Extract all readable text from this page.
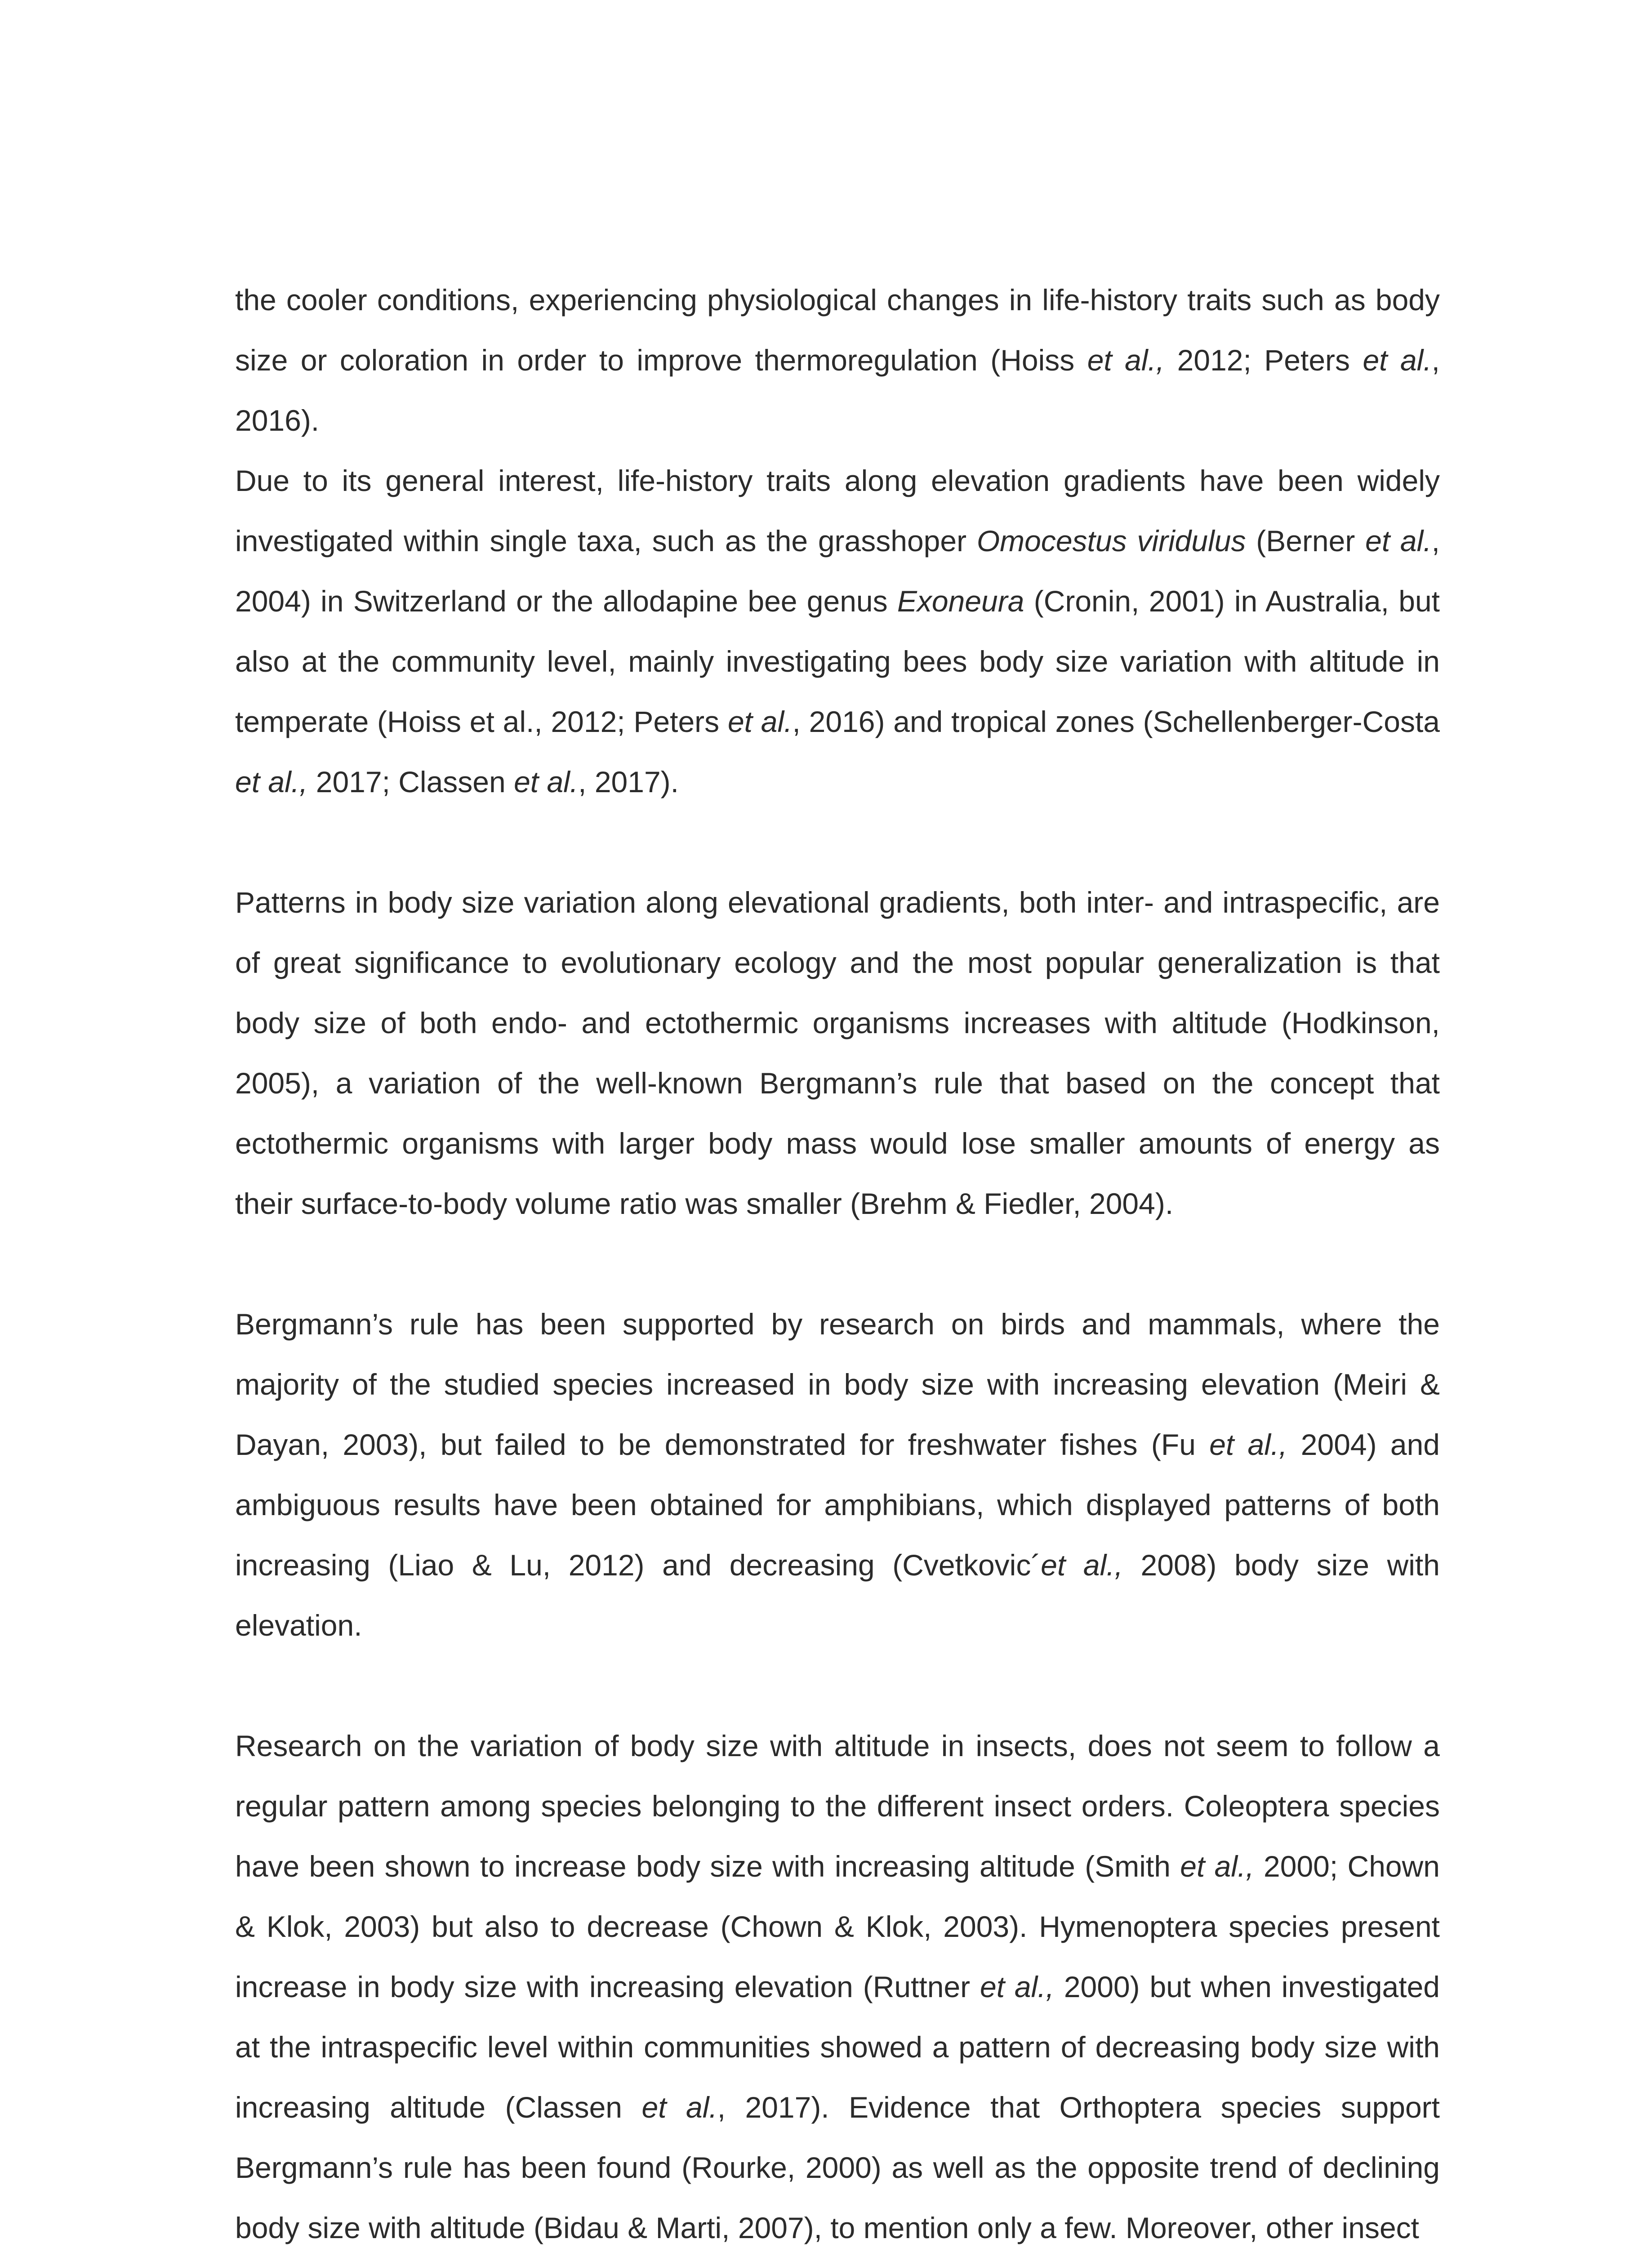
the cooler conditions, experiencing physiological changes in life-history traits such as body size or coloration in order to improve thermoregulation (Hoiss et al., 2012; Peters et al., 2016).

Due to its general interest, life-history traits along elevation gradients have been widely investigated within single taxa, such as the grasshoper Omocestus viridulus (Berner et al., 2004) in Switzerland or the allodapine bee genus Exoneura (Cronin, 2001) in Australia, but also at the community level, mainly investigating bees body size variation with altitude in temperate (Hoiss et al., 2012; Peters et al., 2016) and tropical zones (Schellenberger-Costa et al., 2017; Classen et al., 2017).

Patterns in body size variation along elevational gradients, both inter- and intraspecific, are of great significance to evolutionary ecology and the most popular generalization is that body size of both endo- and ectothermic organisms increases with altitude (Hodkinson, 2005), a variation of the well-known Bergmann’s rule that based on the concept that ectothermic organisms with larger body mass would lose smaller amounts of energy as their surface-to-body volume ratio was smaller (Brehm & Fiedler, 2004).

Bergmann’s rule has been supported by research on birds and mammals, where the majority of the studied species increased in body size with increasing elevation (Meiri & Dayan, 2003), but failed to be demonstrated for freshwater fishes (Fu et al., 2004) and ambiguous results have been obtained for amphibians, which displayed patterns of both increasing (Liao & Lu, 2012) and decreasing (Cvetkovic´et al., 2008) body size with elevation.

Research on the variation of body size with altitude in insects, does not seem to follow a regular pattern among species belonging to the different insect orders. Coleoptera species have been shown to increase body size with increasing altitude (Smith et al., 2000; Chown & Klok, 2003) but also to decrease (Chown & Klok, 2003). Hymenoptera species present increase in body size with increasing elevation (Ruttner et al., 2000) but when investigated at the intraspecific level within communities showed a pattern of decreasing body size with increasing altitude (Classen et al., 2017). Evidence that Orthoptera species support Bergmann’s rule has been found (Rourke, 2000) as well as the opposite trend of declining body size with altitude (Bidau & Marti, 2007), to mention only a few. Moreover, other insect
